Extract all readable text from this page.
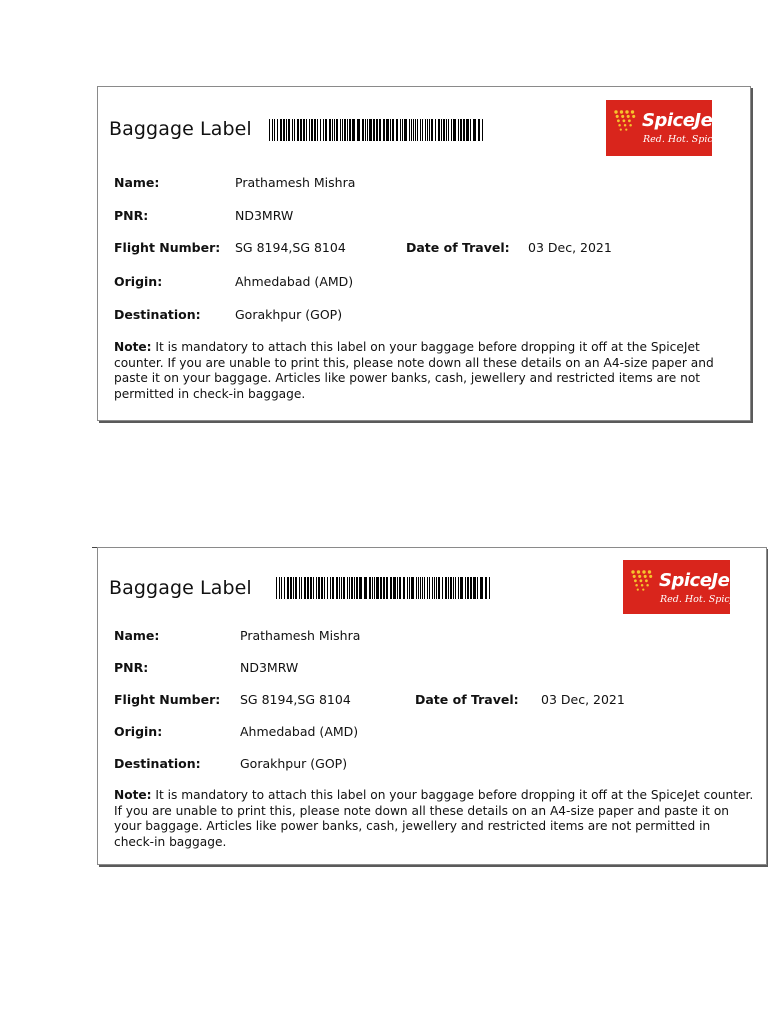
Baggage Label	SpiceJet
Red. Hot. Spicy.
Name:	Prathamesh Mishra
PNR:	ND3MRW
Flight Number: SG 8194,SG 8104	Date of Travel: 03 Dec, 2021
Origin:	Ahmedabad (AMD)
Destination:	Gorakhpur (GOP)
Note: It is mandatory to attach this label on your baggage before dropping it off at the SpiceJet counter. If you are unable to print this, please note down all these details on an A4-size paper and paste it on your baggage. Articles like power banks, cash, jewellery and restricted items are not permitted in check-in baggage.
Baggage Label	SpiceJet
Red. Hot. Spicy.
Name:	Prathamesh Mishra
PNR:	ND3MRW
Flight Number: SG 8194,SG 8104	Date of Travel: 03 Dec, 2021
Origin:	Ahmedabad (AMD)
Destination:	Gorakhpur (GOP)
Note: It is mandatory to attach this label on your baggage before dropping it off at the SpiceJet counter. If you are unable to print this, please note down all these details on an A4-size paper and paste it on your baggage. Articles like power banks, cash, jewellery and restricted items are not permitted in check-in baggage.
